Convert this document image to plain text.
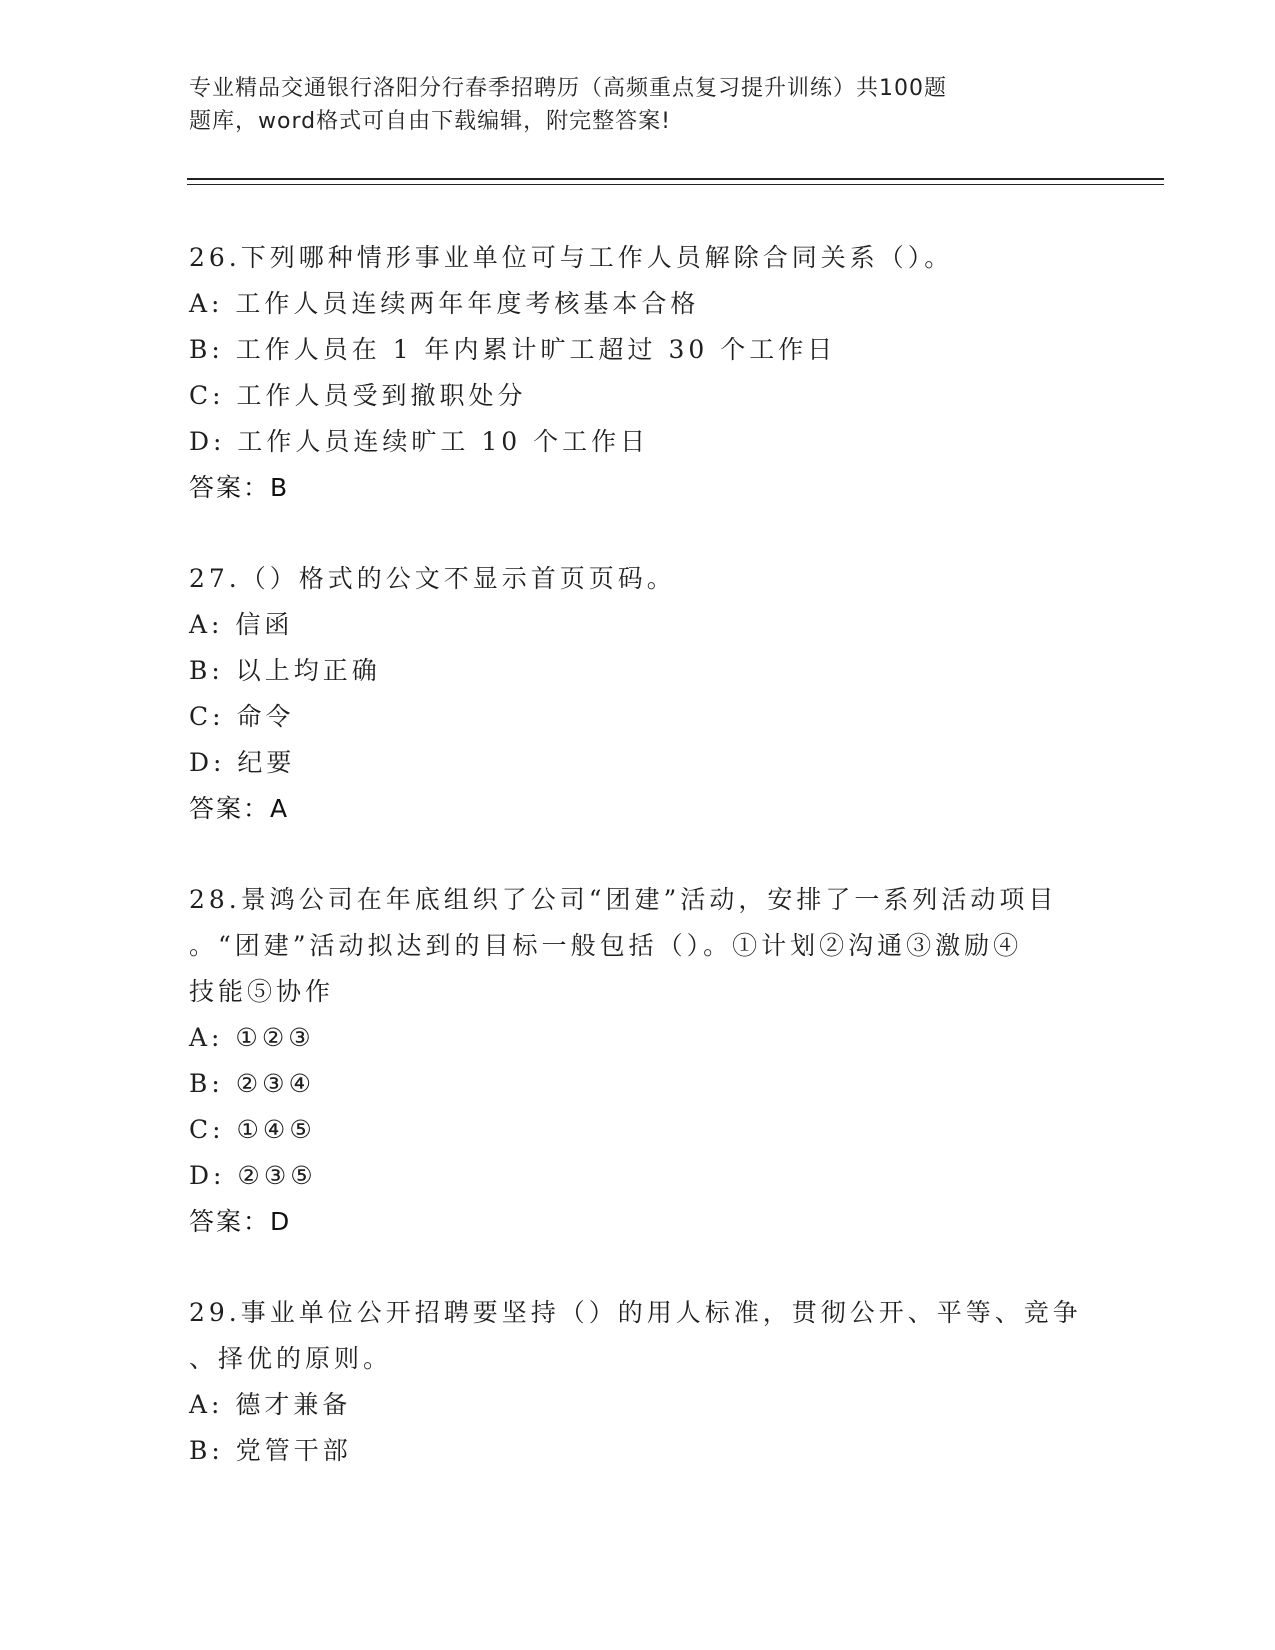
专业精品交通银行洛阳分行春季招聘历（高频重点复习提升训练）共100题
题库，word格式可自由下载编辑，附完整答案!

26.下列哪种情形事业单位可与工作人员解除合同关系（）。

A: 工作人员连续两年年度考核基本合格

B: 工作人员在 1 年内累计旷工超过 30 个工作日

C: 工作人员受到撤职处分

D: 工作人员连续旷工 10 个工作日

答案：B

27.（）格式的公文不显示首页页码。

A: 信函

B: 以上均正确

C: 命令

D: 纪要

答案：A

28.景鸿公司在年底组织了公司“团建”活动，安排了一系列活动项目

。“团建”活动拟达到的目标一般包括（）。①计划②沟通③激励④

技能⑤协作

A: ①②③

B: ②③④

C: ①④⑤

D: ②③⑤

答案：D

29.事业单位公开招聘要坚持（）的用人标准，贯彻公开、平等、竞争

、择优的原则。

A: 德才兼备

B: 党管干部
